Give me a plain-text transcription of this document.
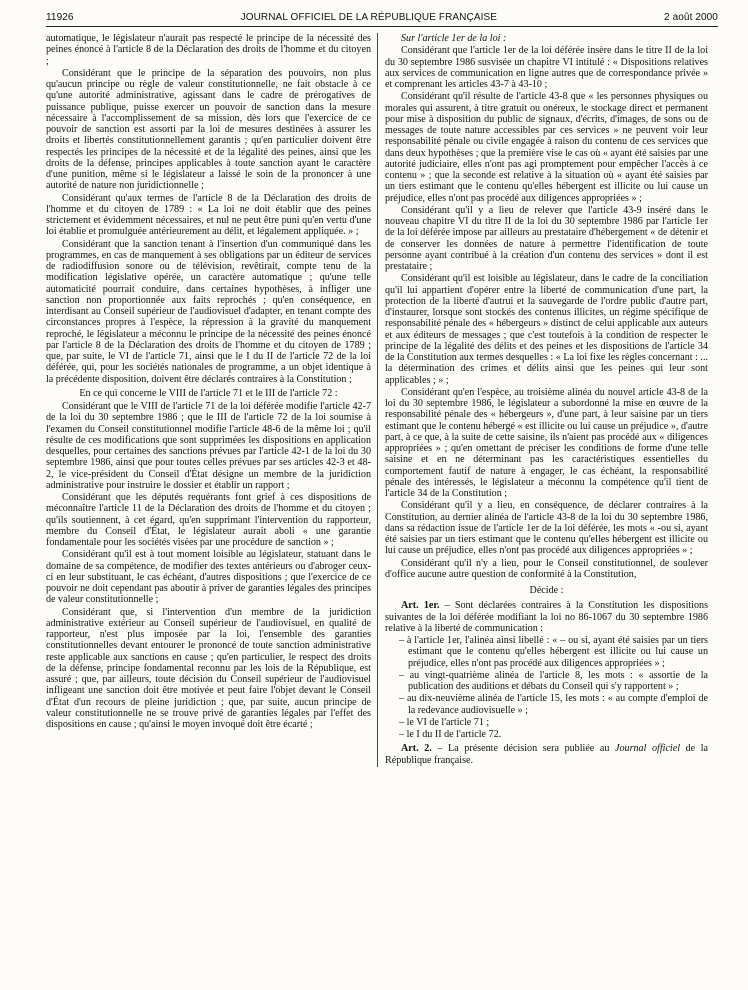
11926	JOURNAL OFFICIEL DE LA RÉPUBLIQUE FRANÇAISE	2 août 2000

automatique, le législateur n'aurait pas respecté le principe de la nécessité des peines énoncé à l'article 8 de la Déclaration des droits de l'homme et du citoyen ;

Considérant que le principe de la séparation des pouvoirs, non plus qu'aucun principe ou règle de valeur constitutionnelle, ne fait obstacle à ce qu'une autorité administrative, agissant dans le cadre de prérogatives de puissance publique, puisse exercer un pouvoir de sanction dans la mesure nécessaire à l'accomplissement de sa mission, dès lors que l'exercice de ce pouvoir de sanction est assorti par la loi de mesures destinées à assurer les droits et libertés constitutionnellement garantis ; qu'en particulier doivent être respectés les principes de la nécessité et de la légalité des peines, ainsi que les droits de la défense, principes applicables à toute sanction ayant le caractère d'une punition, même si le législateur a laissé le soin de la prononcer à une autorité de nature non juridictionnelle ;

Considérant qu'aux termes de l'article 8 de la Déclaration des droits de l'homme et du citoyen de 1789 : « La loi ne doit établir que des peines strictement et évidemment nécessaires, et nul ne peut être puni qu'en vertu d'une loi établie et promulguée antérieurement au délit, et légalement appliquée. » ;

Considérant que la sanction tenant à l'insertion d'un communiqué dans les programmes, en cas de manquement à ses obligations par un éditeur de services de radiodiffusion sonore ou de télévision, revêtirait, compte tenu de la modification législative opérée, un caractère automatique ; qu'une telle automaticité pourrait conduire, dans certaines hypothèses, à infliger une sanction non proportionnée aux faits reprochés ; qu'en conséquence, en interdisant au Conseil supérieur de l'audiovisuel d'adapter, en tenant compte des circonstances propres à l'espèce, la répression à la gravité du manquement reproché, le législateur a méconnu le principe de la nécessité des peines énoncé par l'article 8 de la Déclaration des droits de l'homme et du citoyen de 1789 ; que, par suite, le VI de l'article 71, ainsi que le I du II de l'article 72 de la loi déférée, qui, pour les sociétés nationales de programme, a un objet identique à la précédente disposition, doivent être déclarés contraires à la Constitution ;

En ce qui concerne le VIII de l'article 71 et le III de l'article 72 :

Considérant que le VIII de l'article 71 de la loi déférée modifie l'article 42-7 de la loi du 30 septembre 1986 ; que le III de l'article 72 de la loi soumise à l'examen du Conseil constitutionnel modifie l'article 48-6 de la même loi ; qu'il résulte de ces modifications que sont supprimées les dispositions en application desquelles, pour certaines des sanctions prévues par l'article 42-1 de la loi du 30 septembre 1986, ainsi que pour toutes celles prévues par ses articles 42-3 et 48-2, le vice-président du Conseil d'État désigne un membre de la juridiction administrative pour instruire le dossier et établir un rapport ;

Considérant que les députés requérants font grief à ces dispositions de méconnaître l'article 11 de la Déclaration des droits de l'homme et du citoyen ; qu'ils soutiennent, à cet égard, qu'en supprimant l'intervention du rapporteur, membre du Conseil d'État, le législateur aurait aboli « une garantie fondamentale pour les sociétés visées par une procédure de sanction » ;

Considérant qu'il est à tout moment loisible au législateur, statuant dans le domaine de sa compétence, de modifier des textes antérieurs ou d'abroger ceux-ci en leur substituant, le cas échéant, d'autres dispositions ; que l'exercice de ce pouvoir ne doit cependant pas aboutir à priver de garanties légales des principes de valeur constitutionnelle ;

Considérant que, si l'intervention d'un membre de la juridiction administrative extérieur au Conseil supérieur de l'audiovisuel, en qualité de rapporteur, n'est plus imposée par la loi, l'ensemble des garanties constitutionnelles devant entourer le prononcé de toute sanction administrative reste applicable aux sanctions en cause ; qu'en particulier, le respect des droits de la défense, principe fondamental reconnu par les lois de la République, est assuré ; que, par ailleurs, toute décision du Conseil supérieur de l'audiovisuel infligeant une sanction doit être motivée et peut faire l'objet devant le Conseil d'État d'un recours de pleine juridiction ; que, par suite, aucun principe de valeur constitutionnelle ne se trouve privé de garanties légales par l'effet des dispositions en cause ; qu'ainsi le moyen invoqué doit être écarté ;

Sur l'article 1er de la loi :

Considérant que l'article 1er de la loi déférée insère dans le titre II de la loi du 30 septembre 1986 susvisée un chapitre VI intitulé : « Dispositions relatives aux services de communication en ligne autres que de correspondance privée » et comprenant les articles 43-7 à 43-10 ;

Considérant qu'il résulte de l'article 43-8 que « les personnes physiques ou morales qui assurent, à titre gratuit ou onéreux, le stockage direct et permanent pour mise à disposition du public de signaux, d'écrits, d'images, de sons ou de messages de toute nature accessibles par ces services » ne peuvent voir leur responsabilité pénale ou civile engagée à raison du contenu de ces services que dans deux hypothèses ; que la première vise le cas où « ayant été saisies par une autorité judiciaire, elles n'ont pas agi promptement pour empêcher l'accès à ce contenu » ; que la seconde est relative à la situation où « ayant été saisies par un tiers estimant que le contenu qu'elles hébergent est illicite ou lui cause un préjudice, elles n'ont pas procédé aux diligences appropriées » ;

Considérant qu'il y a lieu de relever que l'article 43-9 inséré dans le nouveau chapitre VI du titre II de la loi du 30 septembre 1986 par l'article 1er de la loi déférée impose par ailleurs au prestataire d'hébergement « de détenir et de conserver les données de nature à permettre l'identification de toute personne ayant contribué à la création d'un contenu des services » dont il est prestataire ;

Considérant qu'il est loisible au législateur, dans le cadre de la conciliation qu'il lui appartient d'opérer entre la liberté de communication d'une part, la protection de la liberté d'autrui et la sauvegarde de l'ordre public d'autre part, d'instaurer, lorsque sont stockés des contenus illicites, un régime spécifique de responsabilité pénale des « hébergeurs » distinct de celui applicable aux auteurs et aux éditeurs de messages ; que c'est toutefois à la condition de respecter le principe de la légalité des délits et des peines et les dispositions de l'article 34 de la Constitution aux termes desquelles : « La loi fixe les règles concernant : ... la détermination des crimes et délits ainsi que les peines qui leur sont applicables ; » ;

Considérant qu'en l'espèce, au troisième alinéa du nouvel article 43-8 de la loi du 30 septembre 1986, le législateur a subordonné la mise en œuvre de la responsabilité pénale des « hébergeurs », d'une part, à leur saisine par un tiers estimant que le contenu hébergé « est illicite ou lui cause un préjudice », d'autre part, à ce que, à la suite de cette saisine, ils n'aient pas procédé aux « diligences appropriées » ; qu'en omettant de préciser les conditions de forme d'une telle saisine et en ne déterminant pas les caractéristiques essentielles du comportement fautif de nature à engager, le cas échéant, la responsabilité pénale des intéressés, le législateur a méconnu la compétence qu'il tient de l'article 34 de la Constitution ;

Considérant qu'il y a lieu, en conséquence, de déclarer contraires à la Constitution, au dernier alinéa de l'article 43-8 de la loi du 30 septembre 1986, dans sa rédaction issue de l'article 1er de la loi déférée, les mots « -ou si, ayant été saisies par un tiers estimant que le contenu qu'elles hébergent est illicite ou lui cause un préjudice, elles n'ont pas procédé aux diligences appropriées » ;

Considérant qu'il n'y a lieu, pour le Conseil constitutionnel, de soulever d'office aucune autre question de conformité à la Constitution,

Décide :

Art. 1er. – Sont déclarées contraires à la Constitution les dispositions suivantes de la loi déférée modifiant la loi no 86-1067 du 30 septembre 1986 relative à la liberté de communication :

– à l'article 1er, l'alinéa ainsi libellé : « – ou si, ayant été saisies par un tiers estimant que le contenu qu'elles hébergent est illicite ou lui cause un préjudice, elles n'ont pas procédé aux diligences appropriées » ;
– au vingt-quatrième alinéa de l'article 8, les mots : « assortie de la publication des auditions et débats du Conseil qui s'y rapportent » ;
– au dix-neuvième alinéa de l'article 15, les mots : « au compte d'emploi de la redevance audiovisuelle » ;
– le VI de l'article 71 ;
– le I du II de l'article 72.

Art. 2. – La présente décision sera publiée au Journal officiel de la République française.
